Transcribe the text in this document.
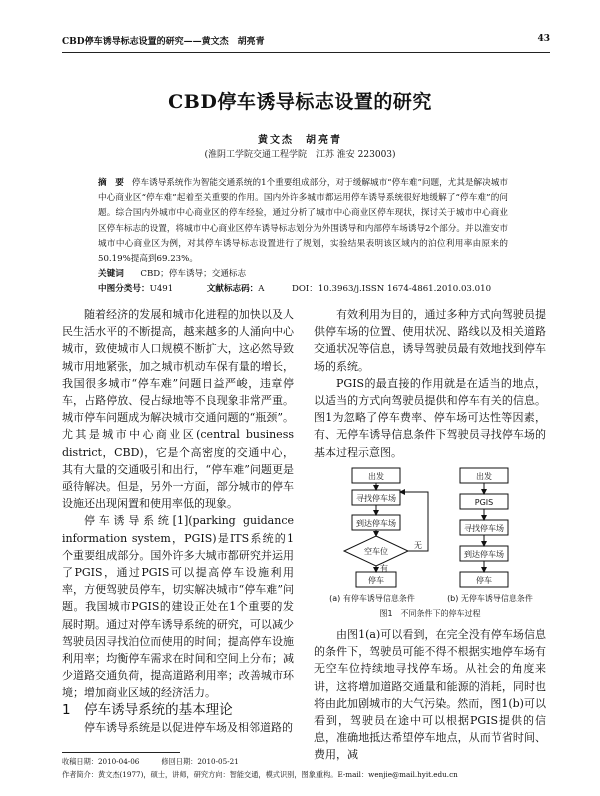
CBD停车诱导标志设置的研究——黄文杰　胡亮青	43
CBD停车诱导标志设置的研究
黄文杰　胡亮青
(淮阴工学院交通工程学院　江苏 淮安 223003)
摘　要 停车诱导系统作为智能交通系统的1个重要组成部分，对于缓解城市“停车难”问题，尤其是解决城市中心商业区“停车难”起着至关重要的作用。国内外许多城市都运用停车诱导系统很好地缓解了“停车难”的问题。综合国内外城市中心商业区的停车经验，通过分析了城市中心商业区停车现状，探讨关于城市中心商业区停车标志的设置，将城市中心商业区停车诱导标志划分为外围诱导和内部停车场诱导2个部分。并以淮安市城市中心商业区为例，对其停车诱导标志设置进行了规划，实验结果表明该区域内的泊位利用率由原来的50.19%提高到69.23%。
关键词　 CBD；停车诱导；交通标志
中图分类号：U491	文献标志码：A	DOI：10.3963/j.ISSN 1674-4861.2010.03.010

随着经济的发展和城市化进程的加快以及人民生活水平的不断提高，越来越多的人涌向中心城市，致使城市人口规模不断扩大，这必然导致城市用地紧张，加之城市机动车保有量的增长，我国很多城市“停车难”问题日益严峻，违章停车，占路停放、侵占绿地等不良现象非常严重。城市停车问题成为解决城市交通问题的“瓶颈”。尤其是城市中心商业区(central business district，CBD)，它是个高密度的交通中心，其有大量的交通吸引和出行，“停车难”问题更是亟待解决。但是，另外一方面，部分城市的停车设施还出现闲置和使用率低的现象。

停车诱导系统[1](parking guidance information system，PGIS)是ITS系统的1个重要组成部分。国外许多大城市都研究并运用了PGIS，通过PGIS可以提高停车设施利用率，方便驾驶员停车，切实解决城市“停车难”问题。我国城市PGIS的建设正处在1个重要的发展时期。通过对停车诱导系统的研究，可以减少驾驶员因寻找泊位而使用的时间；提高停车设施利用率；均衡停车需求在时间和空间上分布；减少道路交通负荷，提高道路利用率；改善城市环境；增加商业区域的经济活力。

1　停车诱导系统的基本理论

停车诱导系统是以促进停车场及相邻道路的

有效利用为目的，通过多种方式向驾驶员提供停车场的位置、使用状况、路线以及相关道路交通状况等信息，诱导驾驶员最有效地找到停车场的系统。

PGIS的最直接的作用就是在适当的地点，以适当的方式向驾驶员提供和停车有关的信息。图1为忽略了停车费率、停车场可达性等因素，有、无停车诱导信息条件下驾驶员寻找停车场的基本过程示意图。

出发
寻找停车场
到达停车场
空车位
无
有
停车
出发
PGIS
寻找停车场
到达停车场
停车
(a) 有停车诱导信息条件	(b) 无停车诱导信息条件
图1　不同条件下的停车过程

由图1(a)可以看到，在完全没有停车场信息的条件下，驾驶员可能不得不根据实地停车场有无空车位持续地寻找停车场。从社会的角度来讲，这将增加道路交通量和能源的消耗，同时也将由此加剧城市的大气污染。然而，图1(b)可以看到，驾驶员在途中可以根据PGIS提供的信息，准确地抵达希望停车地点，从而节省时间、费用，减

收稿日期：2010-04-06	修回日期：2010-05-21
作者简介：黄文杰(1977)，硕士，讲师，研究方向：智能交通，模式识别，图象重构。E-mail：wenjie@mail.hyit.edu.cn
